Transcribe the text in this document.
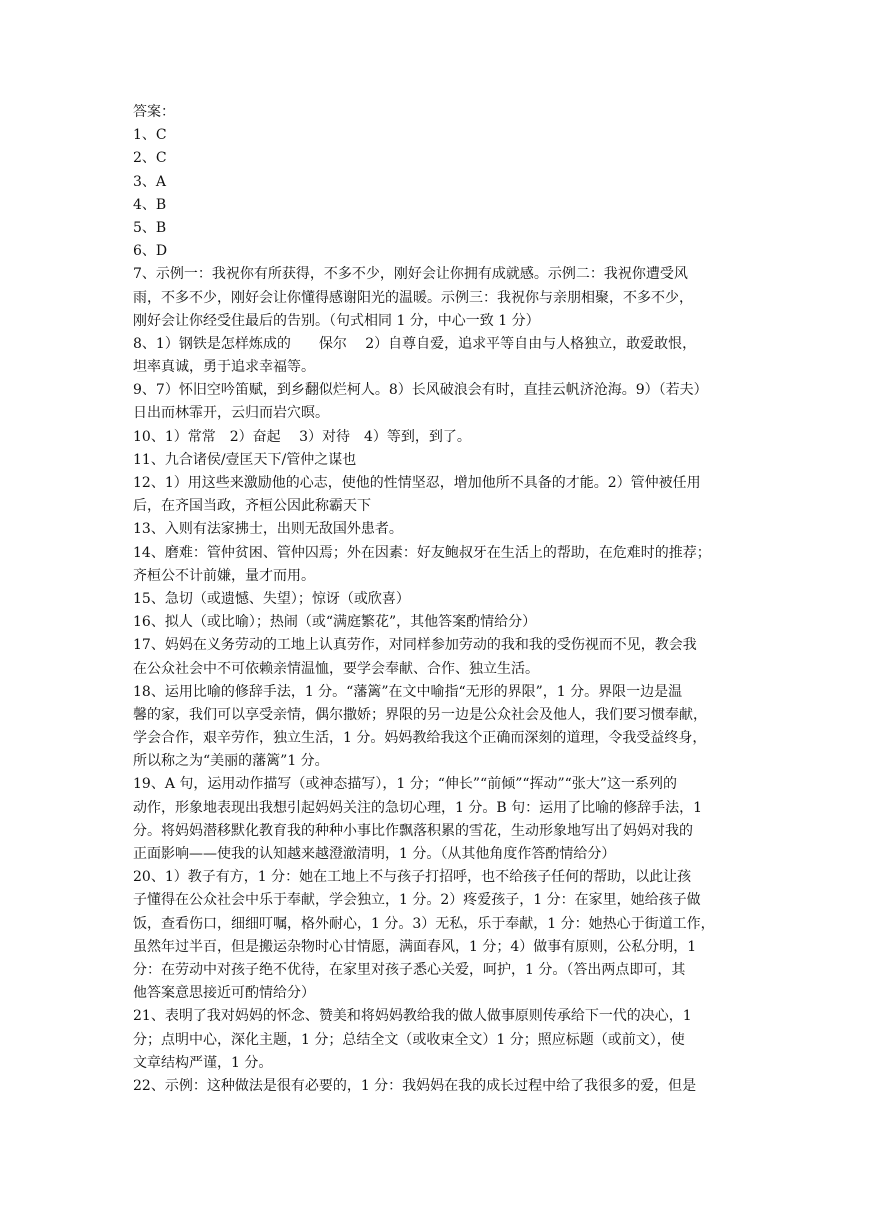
答案：

1、C

2、C

3、A

4、B

5、B

6、D

7、示例一：我祝你有所获得，不多不少，刚好会让你拥有成就感。示例二：我祝你遭受风

雨，不多不少，刚好会让你懂得感谢阳光的温暖。示例三：我祝你与亲朋相聚，不多不少，

刚好会让你经受住最后的告别。（句式相同 1 分，中心一致 1 分）

8、1）钢铁是怎样炼成的　　保尔　 2）自尊自爱，追求平等自由与人格独立，敢爱敢恨，

坦率真诚，勇于追求幸福等。

9、7）怀旧空吟笛赋，到乡翻似烂柯人。8）长风破浪会有时，直挂云帆济沧海。9）（若夫）

日出而林霏开，云归而岩穴暝。

10、1）常常　2）奋起　 3）对待　4）等到，到了。

11、九合诸侯/壹匡天下/管仲之谋也

12、1）用这些来激励他的心志，使他的性情坚忍，增加他所不具备的才能。2）管仲被任用

后，在齐国当政，齐桓公因此称霸天下

13、入则有法家拂士，出则无敌国外患者。

14、磨难：管仲贫困、管仲囚焉；外在因素：好友鲍叔牙在生活上的帮助，在危难时的推荐；

齐桓公不计前嫌，量才而用。

15、急切（或遗憾、失望）；惊讶（或欣喜）

16、拟人（或比喻）；热闹（或“满庭繁花”，其他答案酌情给分）

17、妈妈在义务劳动的工地上认真劳作，对同样参加劳动的我和我的受伤视而不见，教会我

在公众社会中不可依赖亲情温恤，要学会奉献、合作、独立生活。

18、运用比喻的修辞手法，1 分。“藩篱”在文中喻指“无形的界限”，1 分。界限一边是温

馨的家，我们可以享受亲情，偶尔撒娇；界限的另一边是公众社会及他人，我们要习惯奉献，

学会合作，艰辛劳作，独立生活，1 分。妈妈教给我这个正确而深刻的道理，令我受益终身，

所以称之为“美丽的藩篱”1 分。

19、A 句，运用动作描写（或神态描写），1 分；“伸长”“前倾”“挥动”“张大”这一系列的

动作，形象地表现出我想引起妈妈关注的急切心理，1 分。B 句：运用了比喻的修辞手法，1

分。将妈妈潜移默化教育我的种种小事比作飘落积累的雪花，生动形象地写出了妈妈对我的

正面影响——使我的认知越来越澄澈清明，1 分。（从其他角度作答酌情给分）

20、1）教子有方，1 分：她在工地上不与孩子打招呼，也不给孩子任何的帮助，以此让孩

子懂得在公众社会中乐于奉献，学会独立，1 分。2）疼爱孩子，1 分：在家里，她给孩子做

饭，查看伤口，细细叮嘱，格外耐心，1 分。3）无私，乐于奉献，1 分：她热心于街道工作，

虽然年过半百，但是搬运杂物时心甘情愿，满面春风，1 分；4）做事有原则，公私分明，1

分：在劳动中对孩子绝不优待，在家里对孩子悉心关爱，呵护，1 分。（答出两点即可，其

他答案意思接近可酌情给分）

21、表明了我对妈妈的怀念、赞美和将妈妈教给我的做人做事原则传承给下一代的决心，1

分；点明中心，深化主题，1 分；总结全文（或收束全文）1 分；照应标题（或前文），使

文章结构严谨，1 分。

22、示例：这种做法是很有必要的，1 分：我妈妈在我的成长过程中给了我很多的爱，但是
